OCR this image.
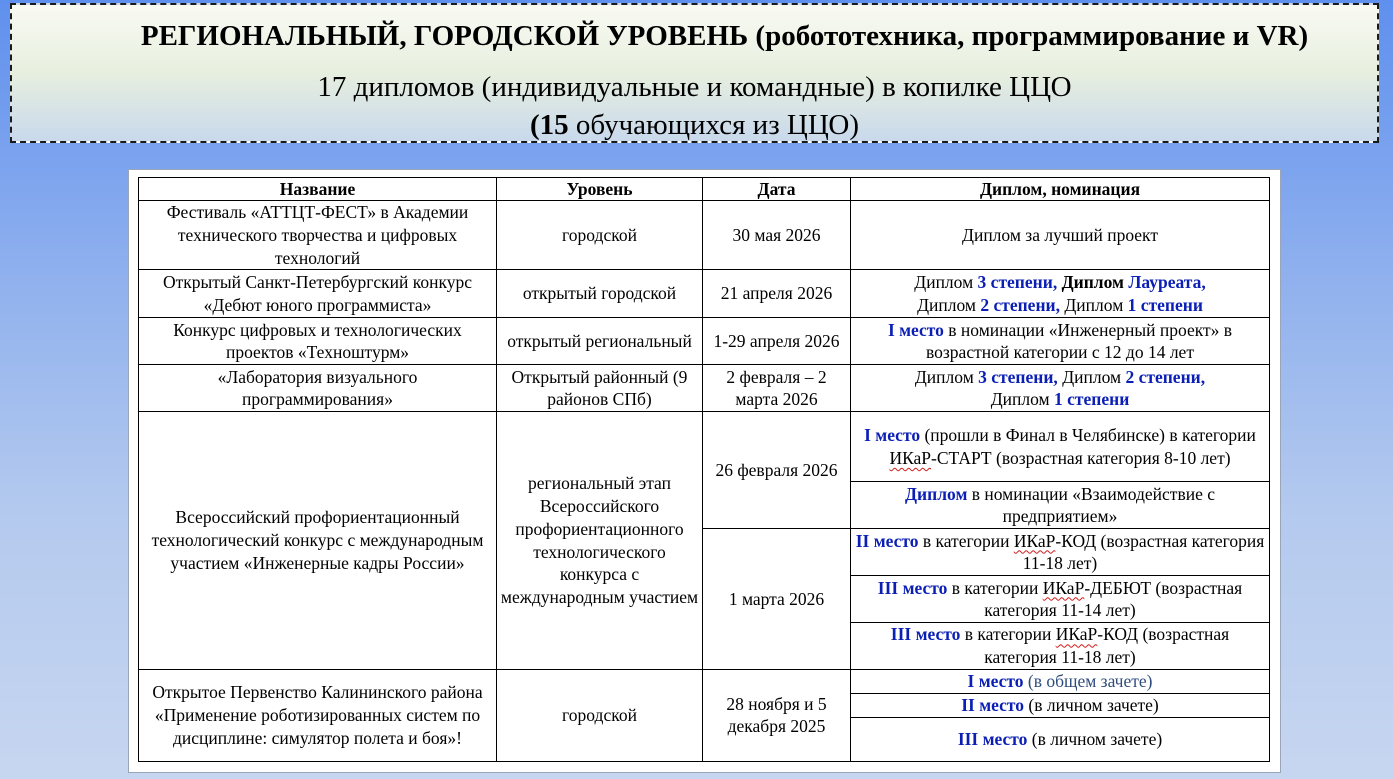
РЕГИОНАЛЬНЫЙ, ГОРОДСКОЙ УРОВЕНЬ (робототехника, программирование и VR)
17 дипломов (индивидуальные и командные) в копилке ЦЦО
(15 обучающихся из ЦЦО)
Название	Уровень	Дата	Диплом, номинация
Фестиваль «АТТЦТ-ФЕСТ» в Академии технического творчества и цифровых технологий	городской	30 мая 2026	Диплом за лучший проект
Открытый Санкт-Петербургский конкурс «Дебют юного программиста»	открытый городской	21 апреля 2026	Диплом 3 степени, Диплом Лауреата,
Диплом 2 степени, Диплом 1 степени
Конкурс цифровых и технологических проектов «Техноштурм»	открытый региональный	1-29 апреля 2026	I место в номинации «Инженерный проект» в возрастной категории с 12 до 14 лет
«Лаборатория визуального программирования»	Открытый районный (9 районов СПб)	2 февраля – 2 марта 2026	Диплом 3 степени, Диплом 2 степени,
Диплом 1 степени
Всероссийский профориентационный технологический конкурс с международным участием «Инженерные кадры России»	региональный этап Всероссийского профориентационного технологического конкурса с международным участием	26 февраля 2026	I место (прошли в Финал в Челябинске) в категории ИКаР-СТАРТ (возрастная категория 8-10 лет)
			Диплом в номинации «Взаимодействие с предприятием»
		1 марта 2026	II место в категории ИКаР-КОД (возрастная категория 11-18 лет)
			III место в категории ИКаР-ДЕБЮТ (возрастная категория 11-14 лет)
			III место в категории ИКаР-КОД (возрастная категория 11-18 лет)
Открытое Первенство Калининского района «Применение роботизированных систем по дисциплине: симулятор полета и боя»!	городской	28 ноября и 5 декабря 2025	I место (в общем зачете)
			II место (в личном зачете)
			III место (в личном зачете)
